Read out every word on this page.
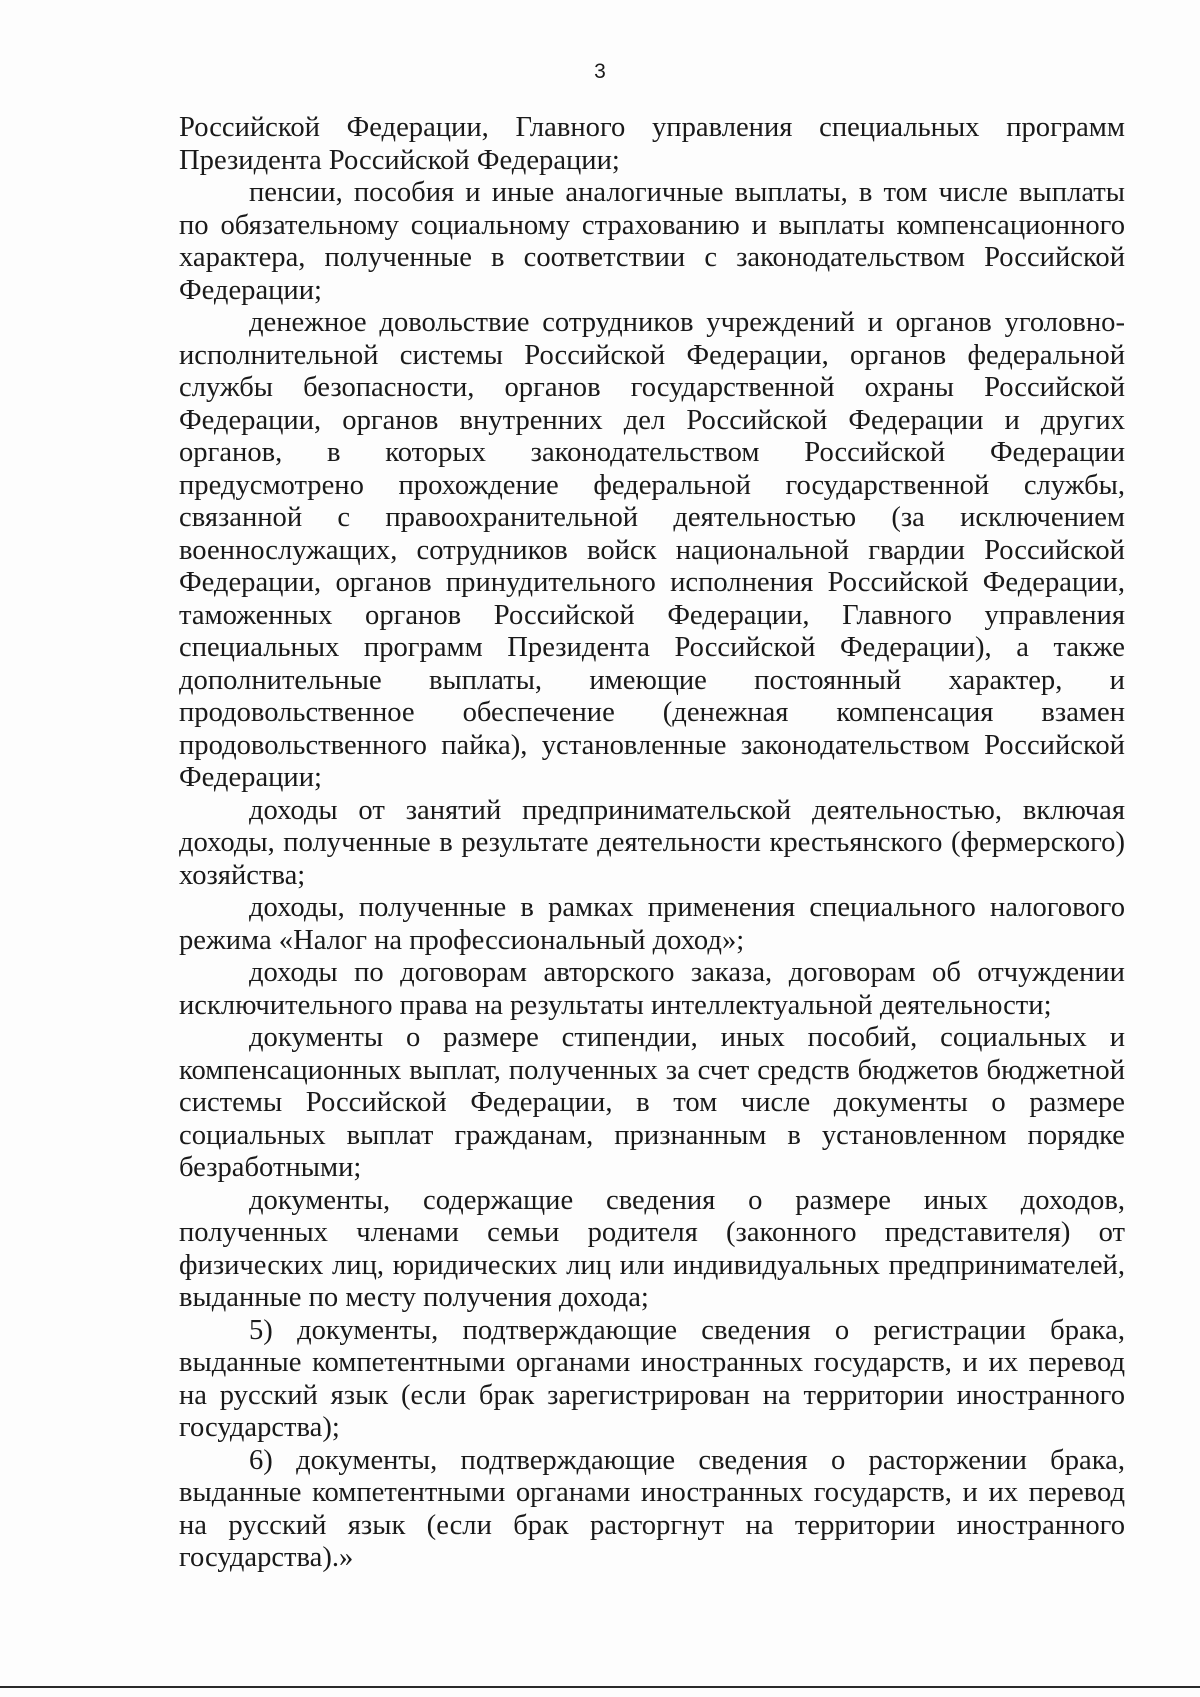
3

Российской Федерации, Главного управления специальных программ Президента Российской Федерации;

пенсии, пособия и иные аналогичные выплаты, в том числе выплаты по обязательному социальному страхованию и выплаты компенсационного характера, полученные в соответствии с законодательством Российской Федерации;

денежное довольствие сотрудников учреждений и органов уголовно-исполнительной системы Российской Федерации, органов федеральной службы безопасности, органов государственной охраны Российской Федерации, органов внутренних дел Российской Федерации и других органов, в которых законодательством Российской Федерации предусмотрено прохождение федеральной государственной службы, связанной с правоохранительной деятельностью (за исключением военнослужащих, сотрудников войск национальной гвардии Российской Федерации, органов принудительного исполнения Российской Федерации, таможенных органов Российской Федерации, Главного управления специальных программ Президента Российской Федерации), а также дополнительные выплаты, имеющие постоянный характер, и продовольственное обеспечение (денежная компенсация взамен продовольственного пайка), установленные законодательством Российской Федерации;

доходы от занятий предпринимательской деятельностью, включая доходы, полученные в результате деятельности крестьянского (фермерского) хозяйства;

доходы, полученные в рамках применения специального налогового режима «Налог на профессиональный доход»;

доходы по договорам авторского заказа, договорам об отчуждении исключительного права на результаты интеллектуальной деятельности;

документы о размере стипендии, иных пособий, социальных и компенсационных выплат, полученных за счет средств бюджетов бюджетной системы Российской Федерации, в том числе документы о размере социальных выплат гражданам, признанным в установленном порядке безработными;

документы, содержащие сведения о размере иных доходов, полученных членами семьи родителя (законного представителя) от физических лиц, юридических лиц или индивидуальных предпринимателей, выданные по месту получения дохода;

5) документы, подтверждающие сведения о регистрации брака, выданные компетентными органами иностранных государств, и их перевод на русский язык (если брак зарегистрирован на территории иностранного государства);

6) документы, подтверждающие сведения о расторжении брака, выданные компетентными органами иностранных государств, и их перевод на русский язык (если брак расторгнут на территории иностранного государства).»
